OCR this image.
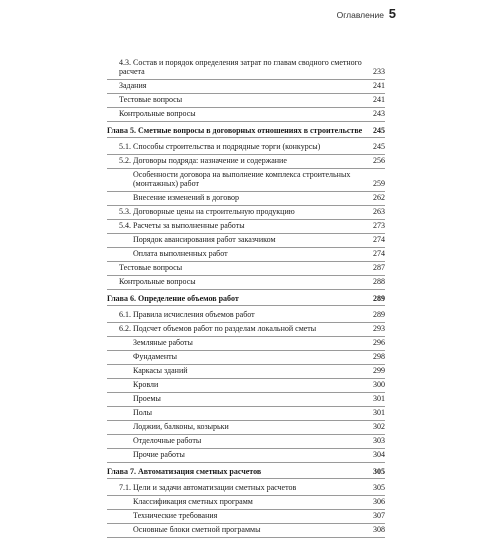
Оглавление 5
4.3. Состав и порядок определения затрат по главам сводного сметного расчета	233
Задания	241
Тестовые вопросы	241
Контрольные вопросы	243
Глава 5. Сметные вопросы в договорных отношениях в строительстве	245
5.1. Способы строительства и подрядные торги (конкурсы)	245
5.2. Договоры подряда: назначение и содержание	256
Особенности договора на выполнение комплекса строительных (монтажных) работ	259
Внесение изменений в договор	262
5.3. Договорные цены на строительную продукцию	263
5.4. Расчеты за выполненные работы	273
Порядок авансирования работ заказчиком	274
Оплата выполненных работ	274
Тестовые вопросы	287
Контрольные вопросы	288
Глава 6. Определение объемов работ	289
6.1. Правила исчисления объемов работ	289
6.2. Подсчет объемов работ по разделам локальной сметы	293
Земляные работы	296
Фундаменты	298
Каркасы зданий	299
Кровли	300
Проемы	301
Полы	301
Лоджии, балконы, козырьки	302
Отделочные работы	303
Прочие работы	304
Глава 7. Автоматизация сметных расчетов	305
7.1. Цели и задачи автоматизации сметных расчетов	305
Классификация сметных программ	306
Технические требования	307
Основные блоки сметной программы	308
